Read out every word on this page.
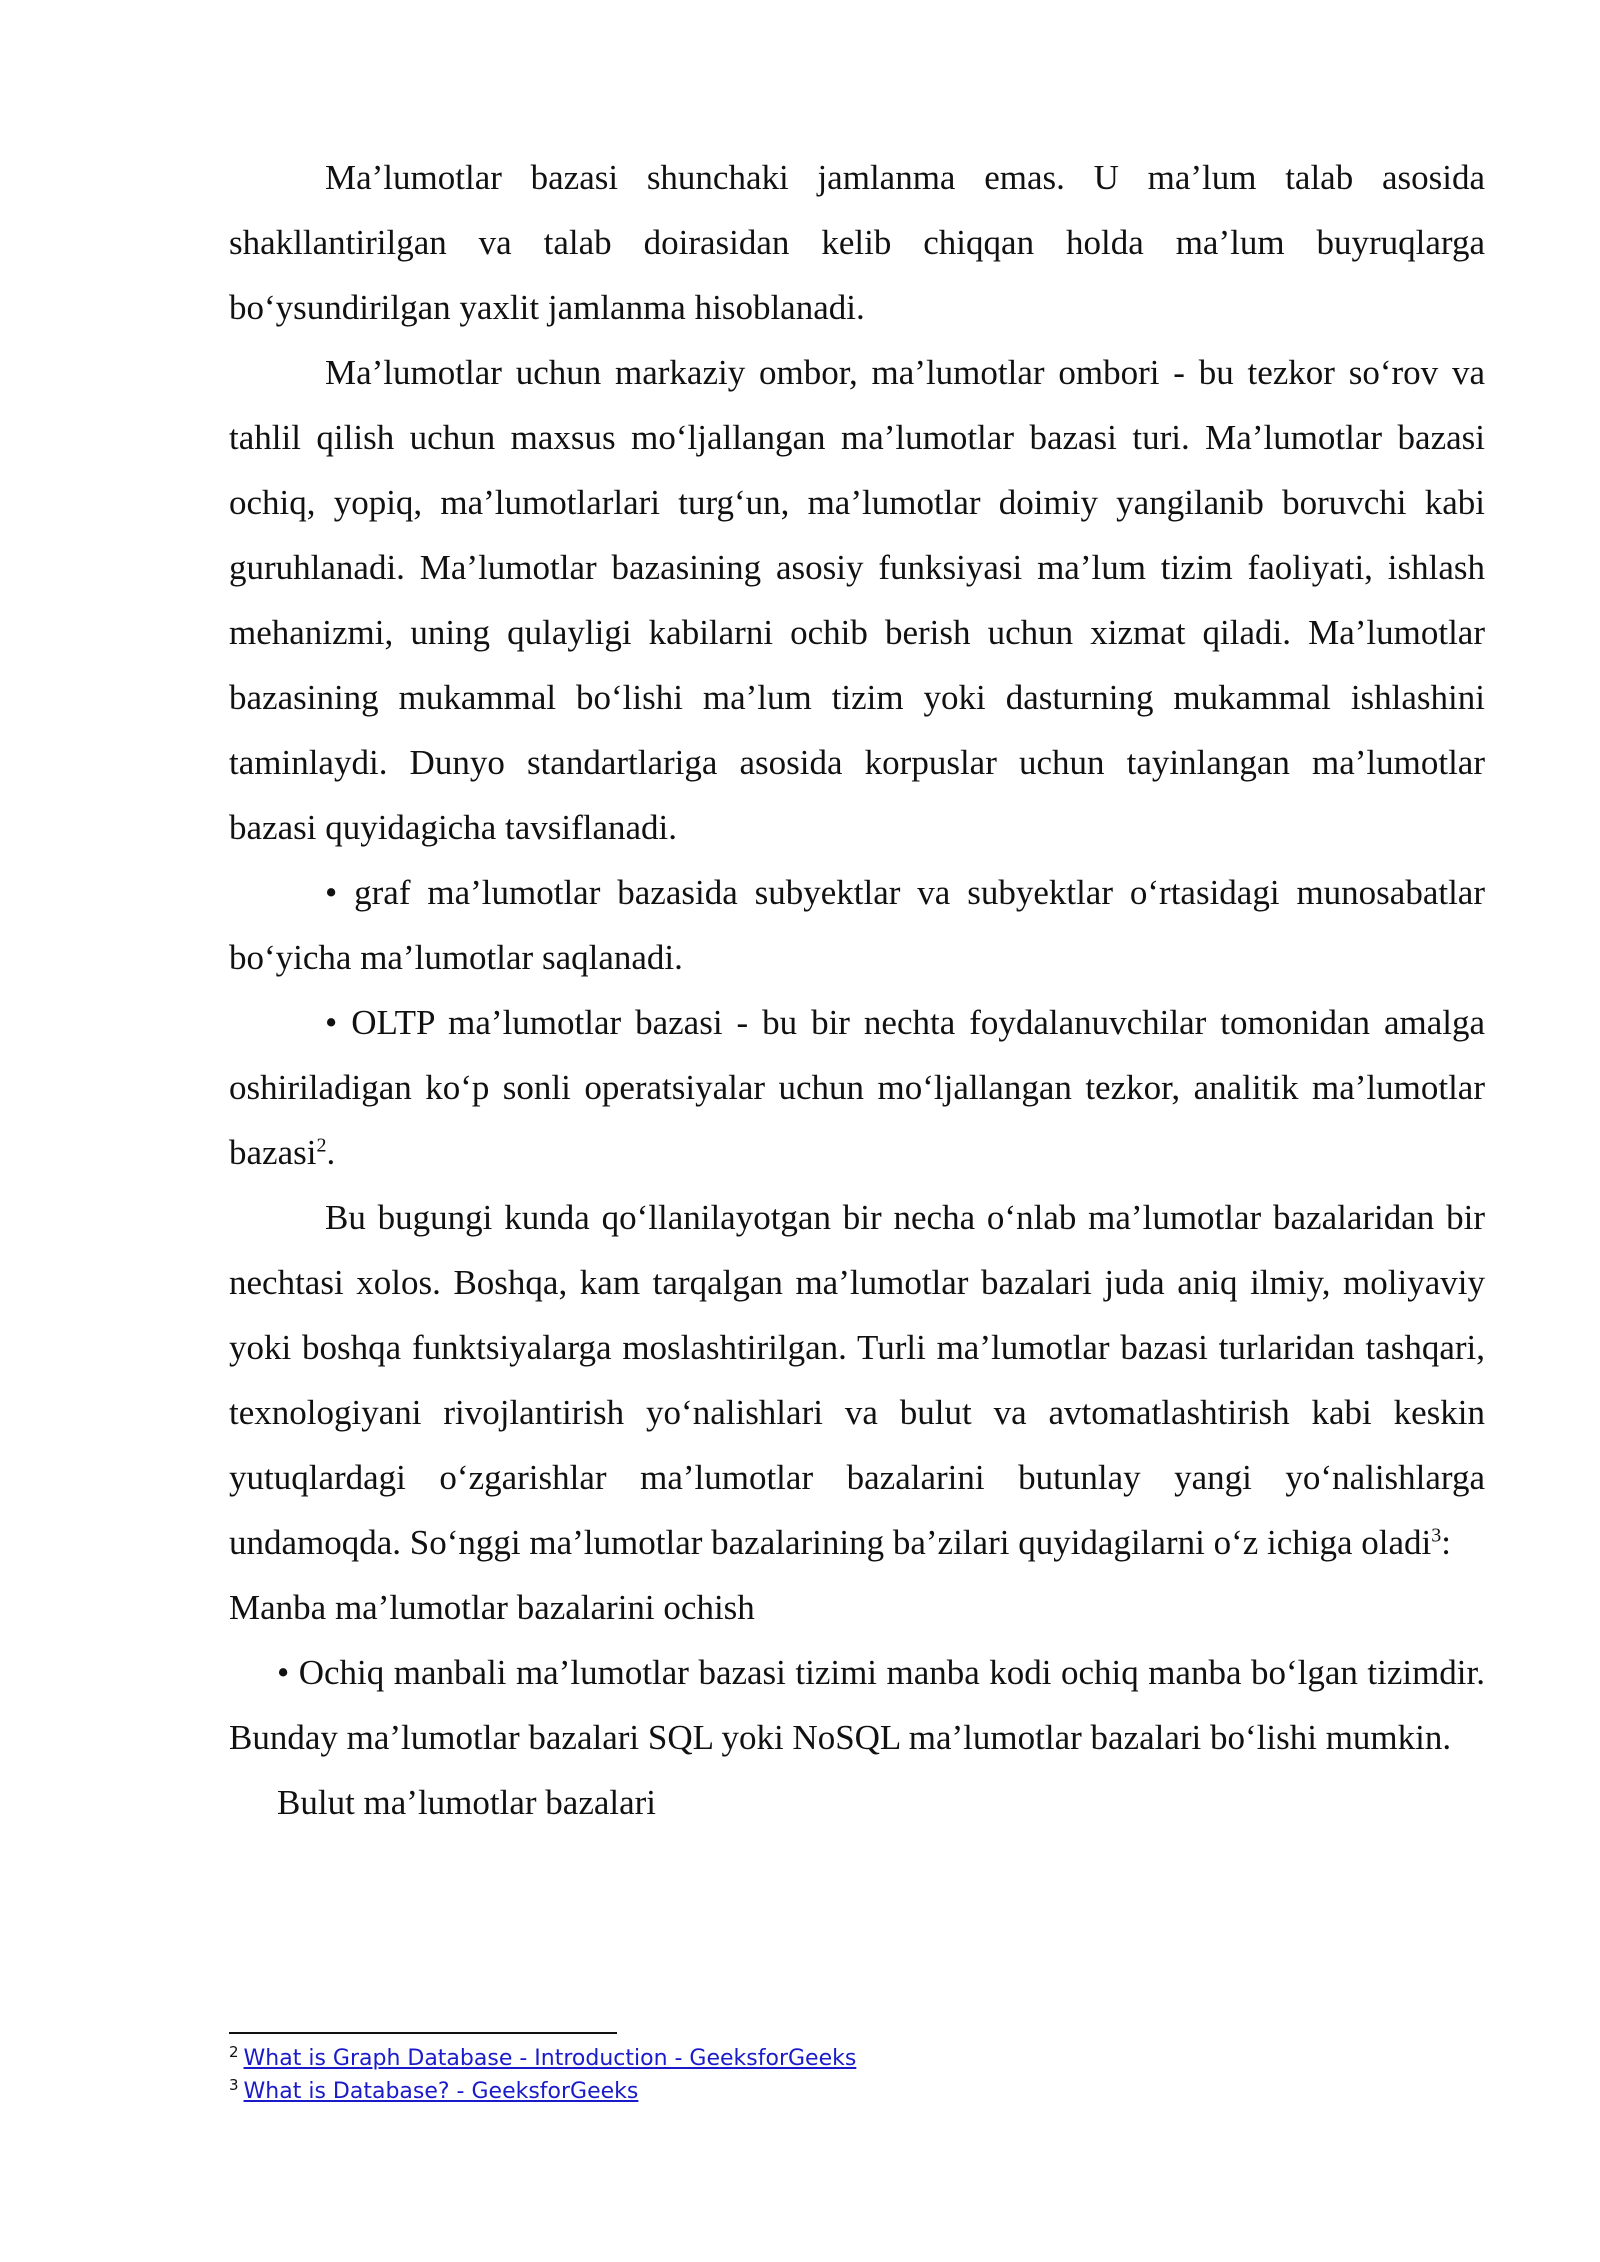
Ma’lumotlar bazasi shunchaki jamlanma emas. U ma’lum talab asosida shakllantirilgan va talab doirasidan kelib chiqqan holda ma’lum buyruqlarga bo‘ysundirilgan yaxlit jamlanma hisoblanadi.

Ma’lumotlar uchun markaziy ombor, ma’lumotlar ombori - bu tezkor so‘rov va tahlil qilish uchun maxsus mo‘ljallangan ma’lumotlar bazasi turi. Ma’lumotlar bazasi ochiq, yopiq, ma’lumotlarlari turg‘un, ma’lumotlar doimiy yangilanib boruvchi kabi guruhlanadi. Ma’lumotlar bazasining asosiy funksiyasi ma’lum tizim faoliyati, ishlash mehanizmi, uning qulayligi kabilarni ochib berish uchun xizmat qiladi. Ma’lumotlar bazasining mukammal bo‘lishi ma’lum tizim yoki dasturning mukammal ishlashini taminlaydi. Dunyo standartlariga asosida korpuslar uchun tayinlangan ma’lumotlar bazasi quyidagicha tavsiflanadi.

• graf ma’lumotlar bazasida subyektlar va subyektlar o‘rtasidagi munosabatlar bo‘yicha ma’lumotlar saqlanadi.

• OLTP ma’lumotlar bazasi - bu bir nechta foydalanuvchilar tomonidan amalga oshiriladigan ko‘p sonli operatsiyalar uchun mo‘ljallangan tezkor, analitik ma’lumotlar bazasi$^2$.

Bu bugungi kunda qo‘llanilayotgan bir necha o‘nlab ma’lumotlar bazalaridan bir nechtasi xolos. Boshqa, kam tarqalgan ma’lumotlar bazalari juda aniq ilmiy, moliyaviy yoki boshqa funktsiyalarga moslashtirilgan. Turli ma’lumotlar bazasi turlaridan tashqari, texnologiyani rivojlantirish yo‘nalishlari va bulut va avtomatlashtirish kabi keskin yutuqlardagi o‘zgarishlar ma’lumotlar bazalarini butunlay yangi yo‘nalishlarga undamoqda. So‘nggi ma’lumotlar bazalarining ba’zilari quyidagilarni o‘z ichiga oladi$^3$:

Manba ma’lumotlar bazalarini ochish

• Ochiq manbali ma’lumotlar bazasi tizimi manba kodi ochiq manba bo‘lgan tizimdir. Bunday ma’lumotlar bazalari SQL yoki NoSQL ma’lumotlar bazalari bo‘lishi mumkin.

Bulut ma’lumotlar bazalari

$^2$ What is Graph Database - Introduction - GeeksforGeeks

$^3$ What is Database? - GeeksforGeeks
